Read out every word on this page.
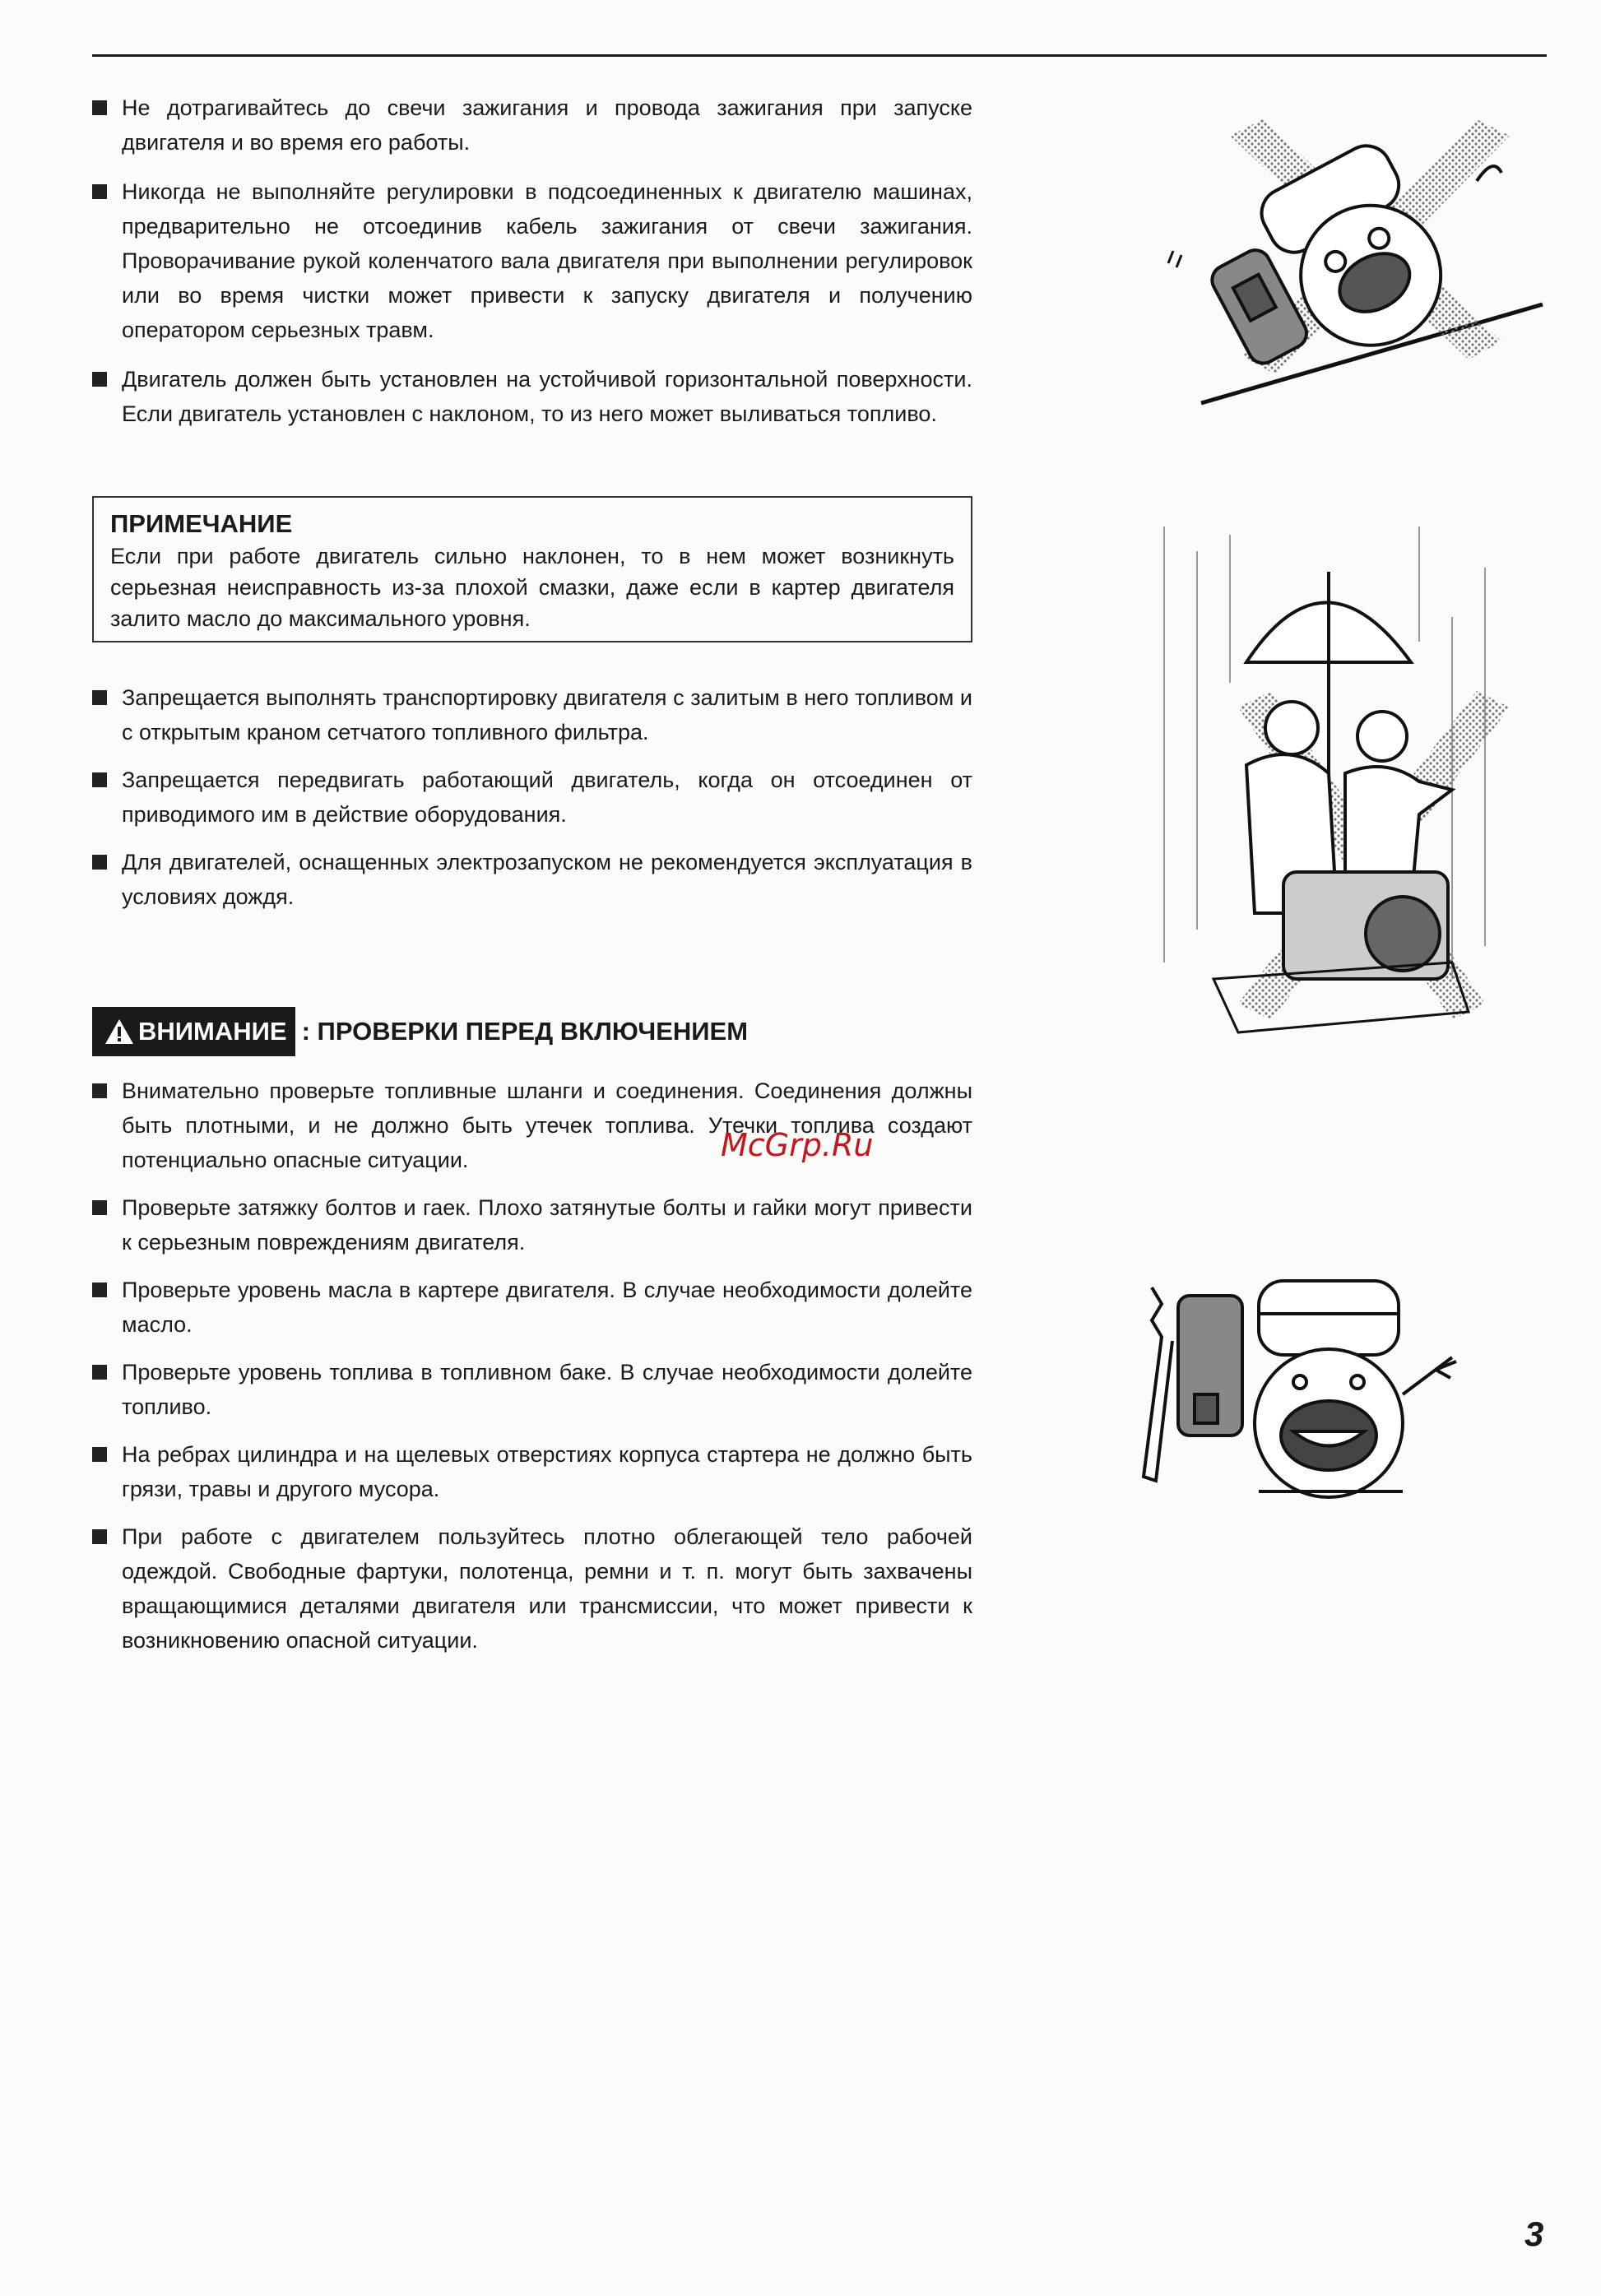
Не дотрагивайтесь до свечи зажигания и провода зажигания при запуске двигателя и во время его работы.
Никогда не выполняйте регулировки в подсоединенных к двигателю машинах, предварительно не отсоединив кабель зажигания от свечи зажигания. Проворачивание рукой коленчатого вала двигателя при выполнении регулировок или во время чистки может привести к запуску двигателя и получению оператором серьезных травм.
Двигатель должен быть установлен на устойчивой горизонтальной поверхности. Если двигатель установлен с наклоном, то из него может выливаться топливо.
ПРИМЕЧАНИЕ
Если при работе двигатель сильно наклонен, то в нем может возникнуть серьезная неисправность из-за плохой смазки, даже если в картер двигателя залито масло до максимального уровня.
Запрещается выполнять транспортировку двигателя с залитым в него топливом и с открытым краном сетчатого топливного фильтра.
Запрещается передвигать работающий двигатель, когда он отсоединен от приводимого им в действие оборудования.
Для двигателей, оснащенных электрозапуском не рекомендуется эксплуатация в условиях дождя.
ВНИМАНИЕ : ПРОВЕРКИ ПЕРЕД ВКЛЮЧЕНИЕМ
Внимательно проверьте топливные шланги и соединения. Соединения должны быть плотными, и не должно быть утечек топлива. Утечки топлива создают потенциально опасные ситуации.
Проверьте затяжку болтов и гаек. Плохо затянутые болты и гайки могут привести к серьезным повреждениям двигателя.
Проверьте уровень масла в картере двигателя. В случае необходимости долейте масло.
Проверьте уровень топлива в топливном баке. В случае необходимости долейте топливо.
На ребрах цилиндра и на щелевых отверстиях корпуса стартера не должно быть грязи, травы и другого мусора.
При работе с двигателем пользуйтесь плотно облегающей тело рабочей одеждой. Свободные фартуки, полотенца, ремни и т. п. могут быть захвачены вращающимися деталями двигателя или трансмиссии, что может привести к возникновению опасной ситуации.
McGrp.Ru
3
